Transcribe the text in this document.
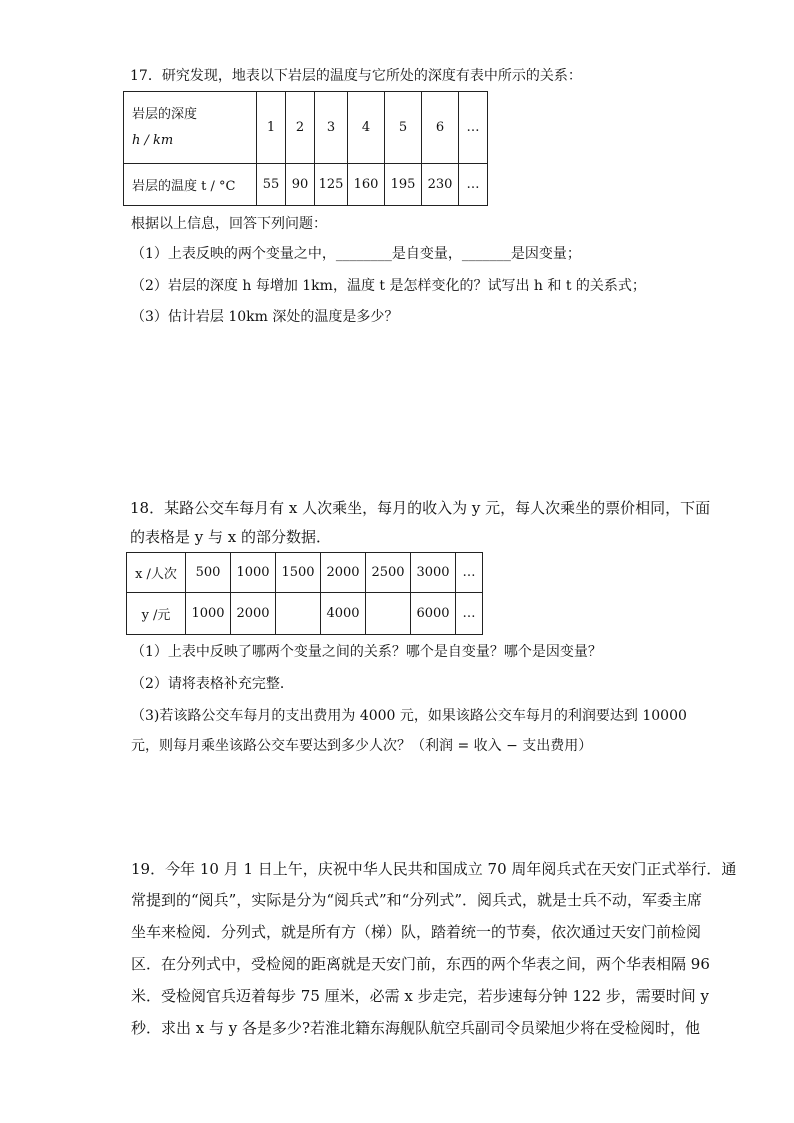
17．研究发现，地表以下岩层的温度与它所处的深度有表中所示的关系：
岩层的深度
h / km	1	2	3	4	5	6	…
岩层的温度 t / °C	55	90	125	160	195	230	…
根据以上信息，回答下列问题：
（1）上表反映的两个变量之中，________是自变量，_______是因变量；
（2）岩层的深度 h 每增加 1km，温度 t 是怎样变化的？试写出 h 和 t 的关系式；
（3）估计岩层 10km 深处的温度是多少？
18．某路公交车每月有 x 人次乘坐，每月的收入为 y 元，每人次乘坐的票价相同，下面
的表格是 y 与 x 的部分数据．
x /人次	500	1000	1500	2000	2500	3000	…
y /元	1000	2000		4000		6000	…
（1）上表中反映了哪两个变量之间的关系？哪个是自变量？哪个是因变量？
（2）请将表格补充完整．
（3)若该路公交车每月的支出费用为 4000 元，如果该路公交车每月的利润要达到 10000
元，则每月乘坐该路公交车要达到多少人次？（利润 = 收入 − 支出费用）
19．今年 10 月 1 日上午，庆祝中华人民共和国成立 70 周年阅兵式在天安门正式举行．通
常提到的“阅兵”，实际是分为“阅兵式”和“分列式”．阅兵式，就是士兵不动，军委主席
坐车来检阅．分列式，就是所有方（梯）队，踏着统一的节奏，依次通过天安门前检阅
区．在分列式中，受检阅的距离就是天安门前，东西的两个华表之间，两个华表相隔 96
米．受检阅官兵迈着每步 75 厘米，必需 x 步走完，若步速每分钟 122 步，需要时间 y
秒．求出 x 与 y 各是多少?若淮北籍东海舰队航空兵副司令员梁旭少将在受检阅时，他
